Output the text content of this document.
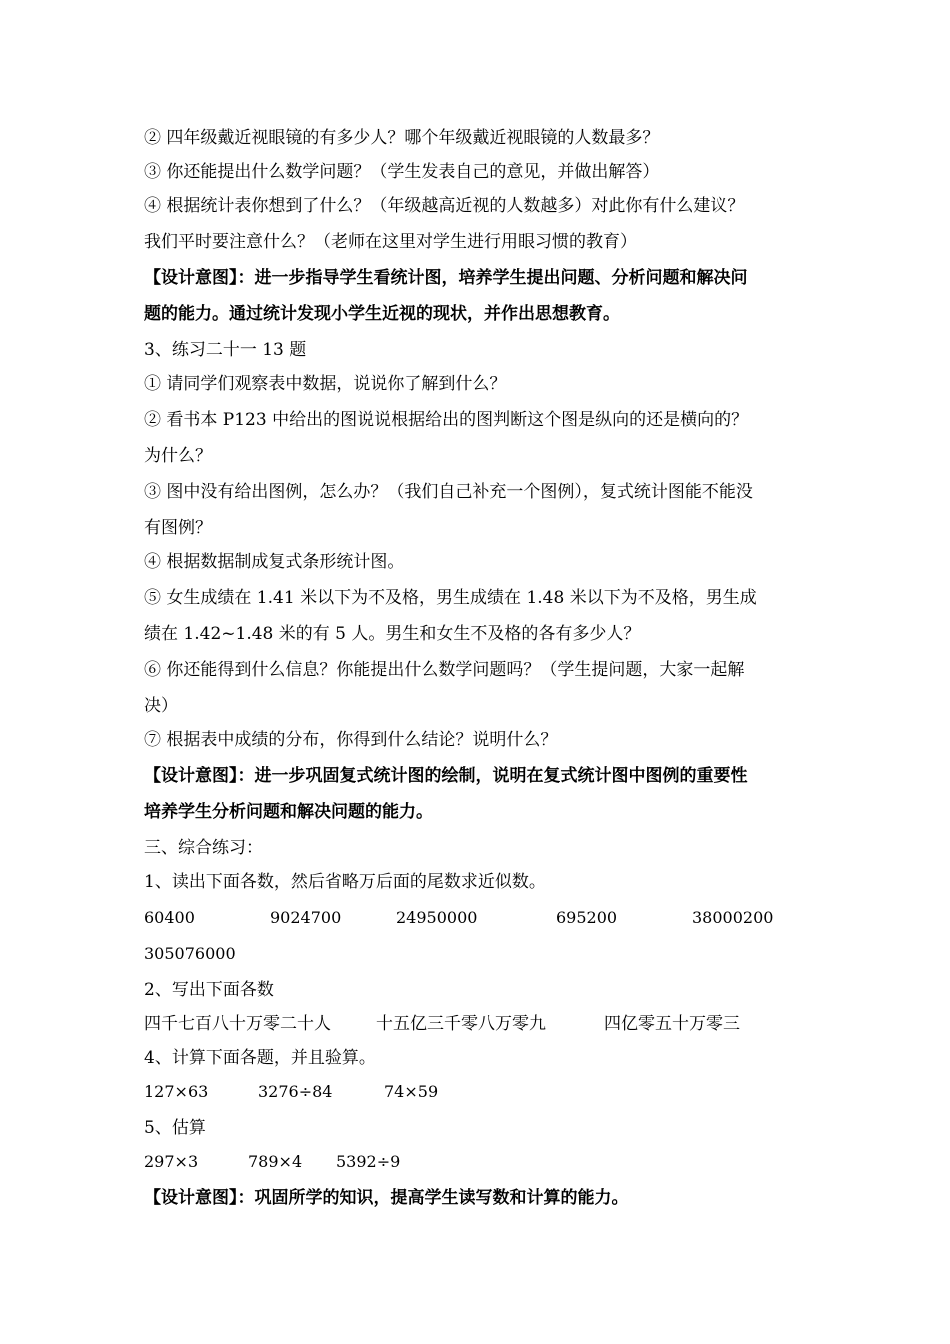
② 四年级戴近视眼镜的有多少人？哪个年级戴近视眼镜的人数最多？
③ 你还能提出什么数学问题？（学生发表自己的意见，并做出解答）
④ 根据统计表你想到了什么？（年级越高近视的人数越多）对此你有什么建议？
我们平时要注意什么？（老师在这里对学生进行用眼习惯的教育）
【设计意图】：进一步指导学生看统计图，培养学生提出问题、分析问题和解决问
题的能力。通过统计发现小学生近视的现状，并作出思想教育。
3、练习二十一 13 题
① 请同学们观察表中数据，说说你了解到什么？
② 看书本 P123 中给出的图说说根据给出的图判断这个图是纵向的还是横向的？
为什么？
③ 图中没有给出图例，怎么办？（我们自己补充一个图例），复式统计图能不能没
有图例？
④ 根据数据制成复式条形统计图。
⑤ 女生成绩在 1.41 米以下为不及格，男生成绩在 1.48 米以下为不及格，男生成
绩在 1.42~1.48 米的有 5 人。男生和女生不及格的各有多少人？
⑥ 你还能得到什么信息？你能提出什么数学问题吗？（学生提问题，大家一起解
决）
⑦ 根据表中成绩的分布，你得到什么结论？说明什么？
【设计意图】：进一步巩固复式统计图的绘制，说明在复式统计图中图例的重要性
培养学生分析问题和解决问题的能力。
三、综合练习：
1、读出下面各数，然后省略万后面的尾数求近似数。
60400	9024700	24950000	695200	38000200
305076000
2、写出下面各数
四千七百八十万零二十人	十五亿三千零八万零九	四亿零五十万零三
4、计算下面各题，并且验算。
127×63	3276÷84	74×59
5、估算
297×3	789×4 5392÷9
【设计意图】：巩固所学的知识，提高学生读写数和计算的能力。
